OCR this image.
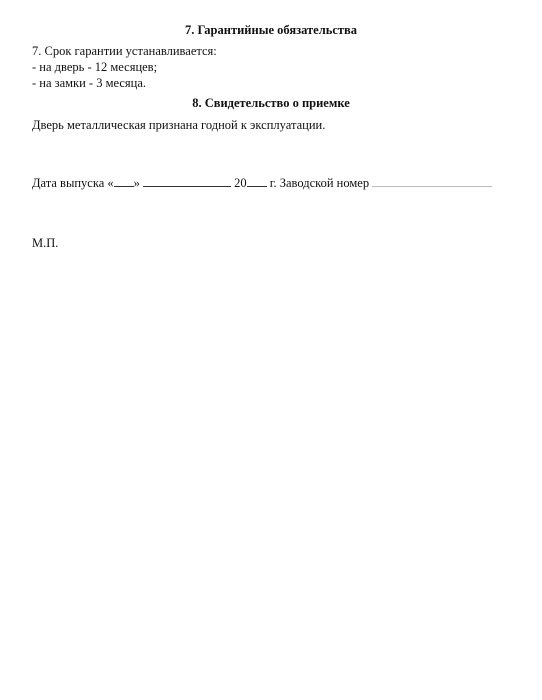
7. Гарантийные обязательства
7. Срок гарантии устанавливается:
- на дверь - 12 месяцев;
- на замки - 3 месяца.
8. Свидетельство о приемке
Дверь металлическая признана годной к эксплуатации.
Дата выпуска « »	20 г. Заводской номер
М.П.
